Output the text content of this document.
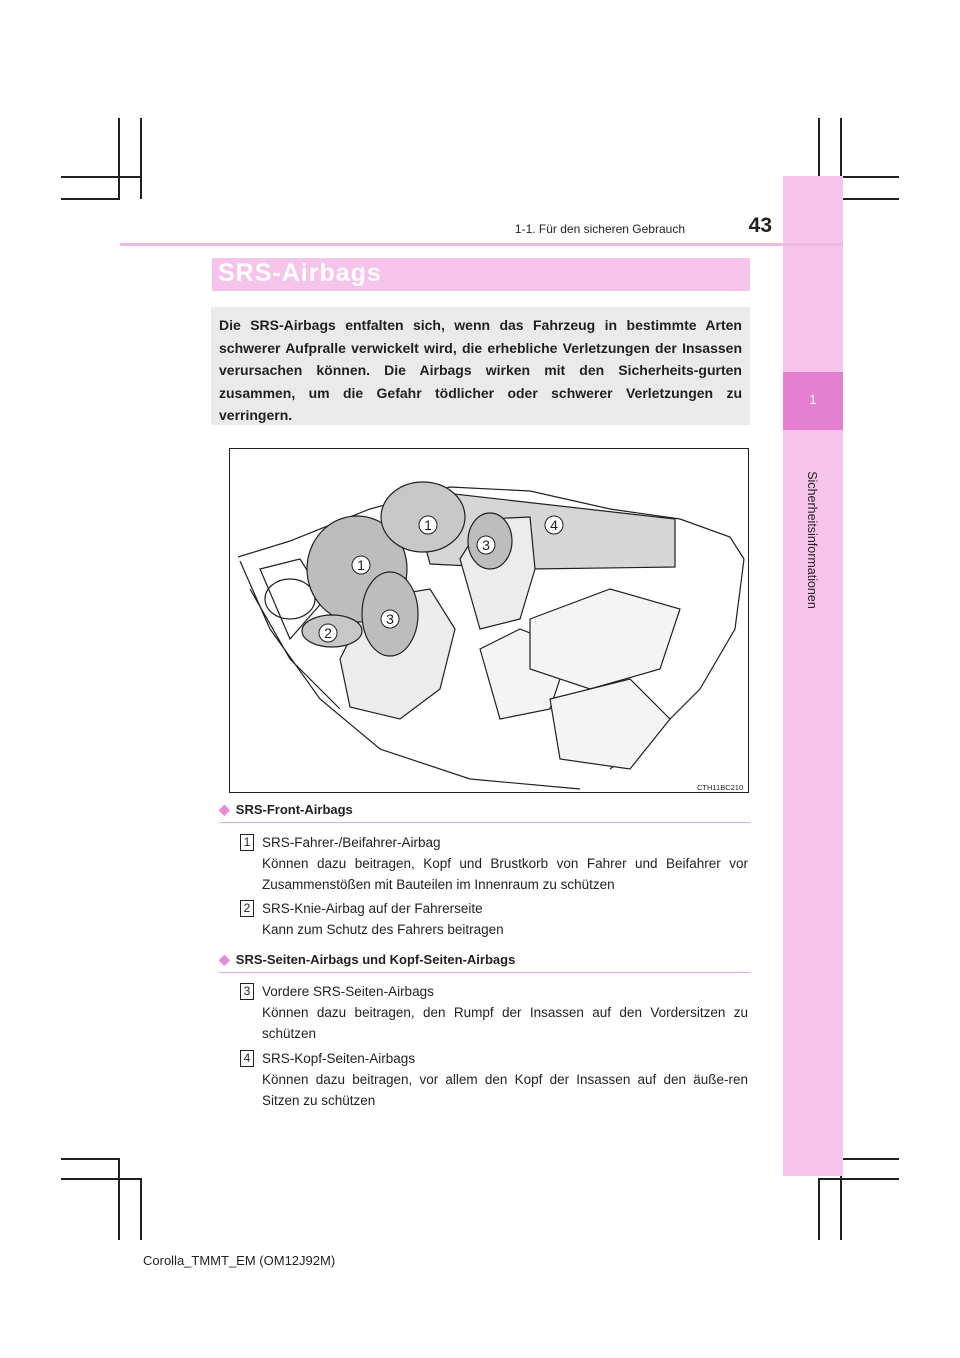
1
Sicherheitsinformationen
1-1. Für den sicheren Gebrauch	43
SRS-Airbags
Die SRS-Airbags entfalten sich, wenn das Fahrzeug in bestimmte Arten schwerer Aufpralle verwickelt wird, die erhebliche Verletzungen der Insassen verursachen können. Die Airbags wirken mit den Sicherheits-gurten zusammen, um die Gefahr tödlicher oder schwerer Verletzungen zu verringern.
1
1
2
3
3
4
CTH11BC210
◆ SRS-Front-Airbags
1 SRS-Fahrer-/Beifahrer-Airbag
Können dazu beitragen, Kopf und Brustkorb von Fahrer und Beifahrer vor Zusammenstößen mit Bauteilen im Innenraum zu schützen
2 SRS-Knie-Airbag auf der Fahrerseite
Kann zum Schutz des Fahrers beitragen
◆ SRS-Seiten-Airbags und Kopf-Seiten-Airbags
3 Vordere SRS-Seiten-Airbags
Können dazu beitragen, den Rumpf der Insassen auf den Vordersitzen zu schützen
4 SRS-Kopf-Seiten-Airbags
Können dazu beitragen, vor allem den Kopf der Insassen auf den äuße-ren Sitzen zu schützen
Corolla_TMMT_EM (OM12J92M)
